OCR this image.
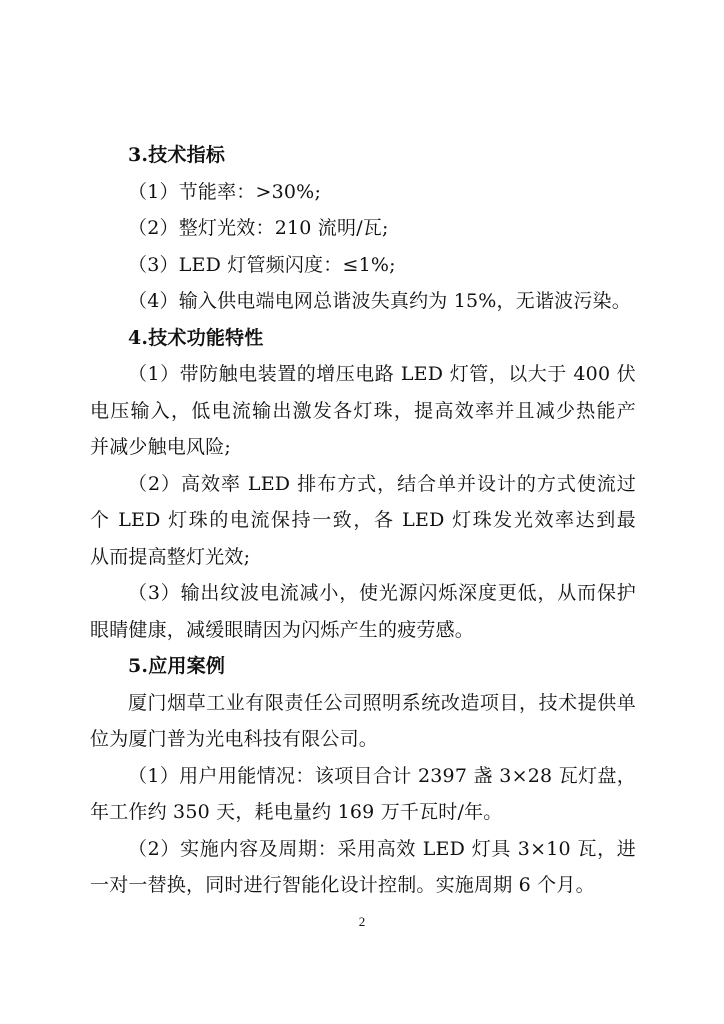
3.技术指标
（1）节能率：>30%;
（2）整灯光效：210 流明/瓦;
（3）LED 灯管频闪度：≤1%;
（4）输入供电端电网总谐波失真约为 15%，无谐波污染。
4.技术功能特性
（1）带防触电装置的增压电路 LED 灯管，以大于 400 伏
电压输入，低电流输出激发各灯珠，提高效率并且减少热能产
并减少触电风险;
（2）高效率 LED 排布方式，结合单并设计的方式使流过
个 LED 灯珠的电流保持一致，各 LED 灯珠发光效率达到最
从而提高整灯光效;
（3）输出纹波电流减小，使光源闪烁深度更低，从而保护
眼睛健康，减缓眼睛因为闪烁产生的疲劳感。
5.应用案例
厦门烟草工业有限责任公司照明系统改造项目，技术提供单
位为厦门普为光电科技有限公司。
（1）用户用能情况：该项目合计 2397 盏 3×28 瓦灯盘，
年工作约 350 天，耗电量约 169 万千瓦时/年。
（2）实施内容及周期：采用高效 LED 灯具 3×10 瓦，进
一对一替换，同时进行智能化设计控制。实施周期 6 个月。
2
